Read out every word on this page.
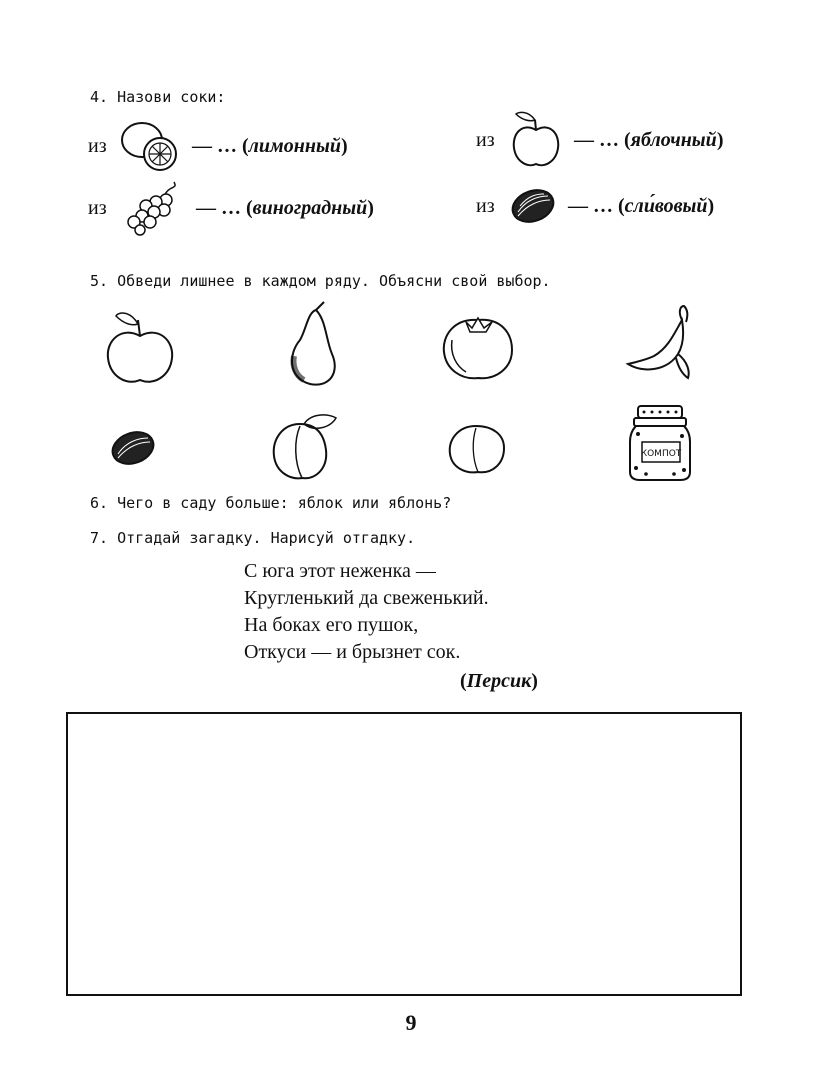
4. Назови соки:
из	— … (лимонный)	из	— … (яблочный)
из	— … (виноградный)	из	— … (сли́вовый)
5. Обведи лишнее в каждом ряду. Объясни свой выбор.
КОМПОТ
6. Чего в саду больше: яблок или яблонь?
7. Отгадай загадку. Нарисуй отгадку.
С юга этот неженка —
Кругленький да свеженький.
На боках его пушок,
Откуси — и брызнет сок.
(Персик)
9
